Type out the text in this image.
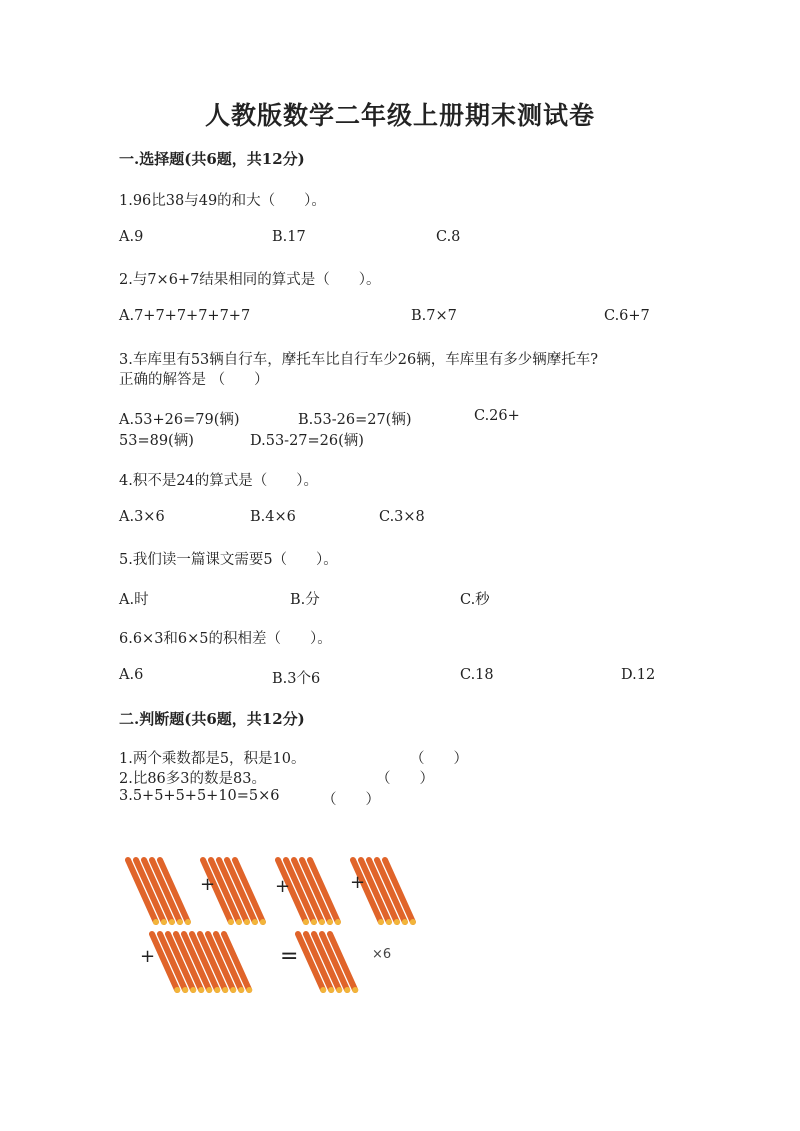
人教版数学二年级上册期末测试卷
一.选择题(共6题，共12分)
1.96比38与49的和大（　　）。
A.9	B.17	C.8
2.与7×6+7结果相同的算式是（　　）。
A.7+7+7+7+7+7	B.7×7	C.6+7
3.车库里有53辆自行车，摩托车比自行车少26辆，车库里有多少辆摩托车?
正确的解答是 （　　）
A.53+26=79(辆)	B.53-26=27(辆)	C.26+
53=89(辆)	D.53-27=26(辆)
4.积不是24的算式是（　　）。
A.3×6	B.4×6	C.3×8
5.我们读一篇课文需要5（　　）。
A.时	B.分	C.秒
6.6×3和6×5的积相差（　　）。
A.6	B.3个6	C.18	D.12
二.判断题(共6题，共12分)
1.两个乘数都是5，积是10。	（　　）
2.比86多3的数是83。	（　　）
3.5+5+5+5+10=5×6	（　　）
+	+	+
+	=	×6
